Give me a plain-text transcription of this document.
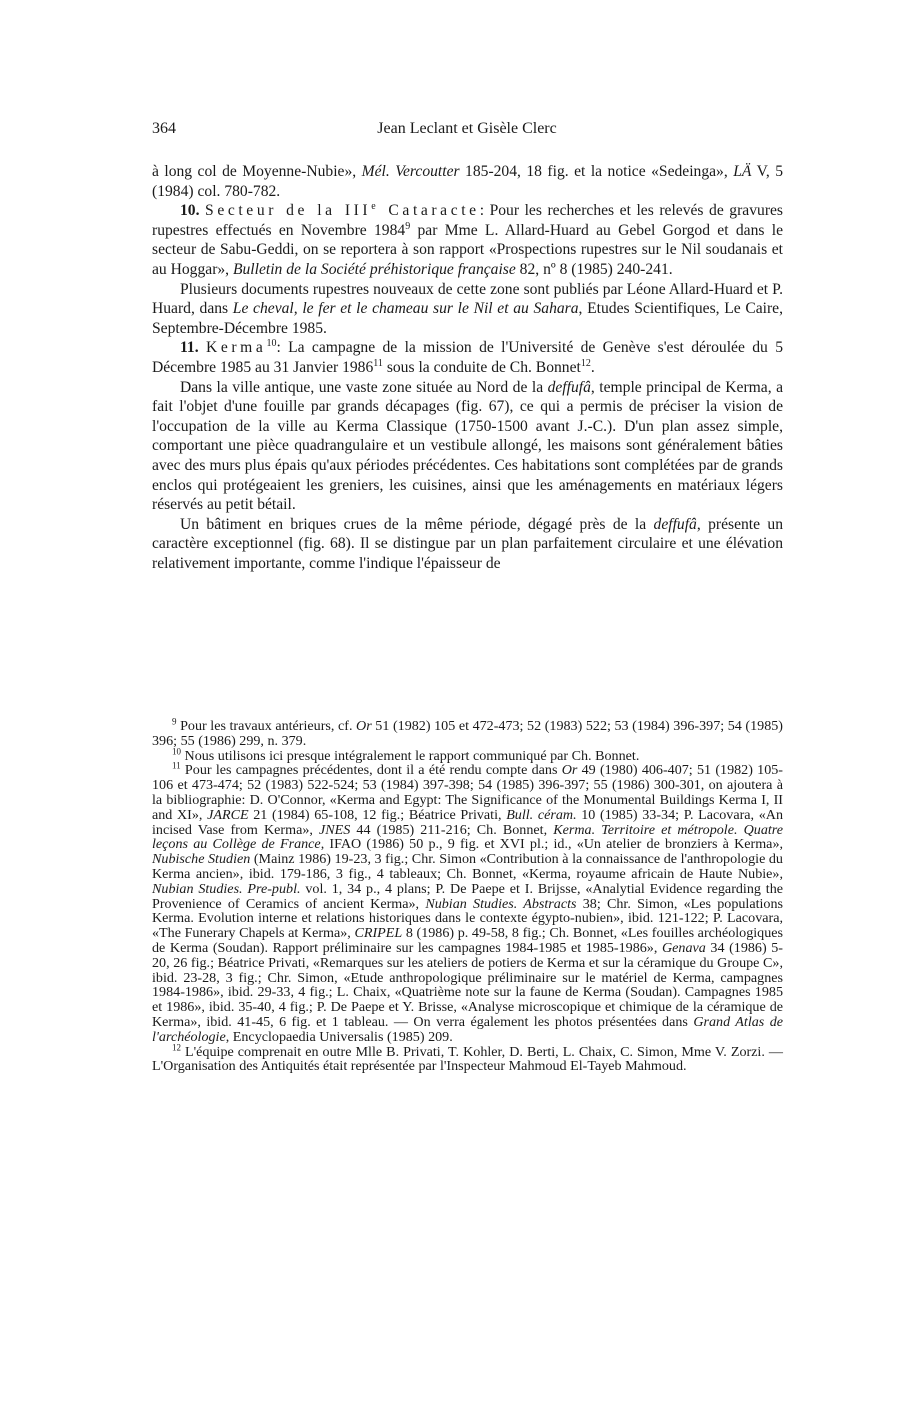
364	Jean Leclant et Gisèle Clerc

à long col de Moyenne-Nubie», Mél. Vercoutter 185-204, 18 fig. et la notice «Sedeinga», LÄ V, 5 (1984) col. 780-782.

10. Secteur de la IIIe Cataracte: Pour les recherches et les relevés de gravures rupestres effectués en Novembre 1984$^9$ par Mme L. Allard-Huard au Gebel Gorgod et dans le secteur de Sabu-Geddi, on se reportera à son rapport «Prospections rupestres sur le Nil soudanais et au Hoggar», Bulletin de la Société préhistorique française 82, nº 8 (1985) 240-241.

Plusieurs documents rupestres nouveaux de cette zone sont publiés par Léone Allard-Huard et P. Huard, dans Le cheval, le fer et le chameau sur le Nil et au Sahara, Etudes Scientifiques, Le Caire, Septembre-Décembre 1985.

11. Kerma$^{10}$: La campagne de la mission de l'Université de Genève s'est déroulée du 5 Décembre 1985 au 31 Janvier 1986$^{11}$ sous la conduite de Ch. Bonnet$^{12}$.

Dans la ville antique, une vaste zone située au Nord de la deffufâ, temple principal de Kerma, a fait l'objet d'une fouille par grands décapages (fig. 67), ce qui a permis de préciser la vision de l'occupation de la ville au Kerma Classique (1750-1500 avant J.-C.). D'un plan assez simple, comportant une pièce quadrangulaire et un vestibule allongé, les maisons sont généralement bâties avec des murs plus épais qu'aux périodes précédentes. Ces habitations sont complétées par de grands enclos qui protégeaient les greniers, les cuisines, ainsi que les aménagements en matériaux légers réservés au petit bétail.

Un bâtiment en briques crues de la même période, dégagé près de la deffufâ, présente un caractère exceptionnel (fig. 68). Il se distingue par un plan parfaitement circulaire et une élévation relativement importante, comme l'indique l'épaisseur de

$^9$ Pour les travaux antérieurs, cf. Or 51 (1982) 105 et 472-473; 52 (1983) 522; 53 (1984) 396-397; 54 (1985) 396; 55 (1986) 299, n. 379.

$^{10}$ Nous utilisons ici presque intégralement le rapport communiqué par Ch. Bonnet.

$^{11}$ Pour les campagnes précédentes, dont il a été rendu compte dans Or 49 (1980) 406-407; 51 (1982) 105-106 et 473-474; 52 (1983) 522-524; 53 (1984) 397-398; 54 (1985) 396-397; 55 (1986) 300-301, on ajoutera à la bibliographie: D. O'Connor, «Kerma and Egypt: The Significance of the Monumental Buildings Kerma I, II and XI», JARCE 21 (1984) 65-108, 12 fig.; Béatrice Privati, Bull. céram. 10 (1985) 33-34; P. Lacovara, «An incised Vase from Kerma», JNES 44 (1985) 211-216; Ch. Bonnet, Kerma. Territoire et métropole. Quatre leçons au Collège de France, IFAO (1986) 50 p., 9 fig. et XVI pl.; id., «Un atelier de bronziers à Kerma», Nubische Studien (Mainz 1986) 19-23, 3 fig.; Chr. Simon «Contribution à la connaissance de l'anthropologie du Kerma ancien», ibid. 179-186, 3 fig., 4 tableaux; Ch. Bonnet, «Kerma, royaume africain de Haute Nubie», Nubian Studies. Pre-publ. vol. 1, 34 p., 4 plans; P. De Paepe et I. Brijsse, «Analytial Evidence regarding the Provenience of Ceramics of ancient Kerma», Nubian Studies. Abstracts 38; Chr. Simon, «Les populations Kerma. Evolution interne et relations historiques dans le contexte égypto-nubien», ibid. 121-122; P. Lacovara, «The Funerary Chapels at Kerma», CRIPEL 8 (1986) p. 49-58, 8 fig.; Ch. Bonnet, «Les fouilles archéologiques de Kerma (Soudan). Rapport préliminaire sur les campagnes 1984-1985 et 1985-1986», Genava 34 (1986) 5-20, 26 fig.; Béatrice Privati, «Remarques sur les ateliers de potiers de Kerma et sur la céramique du Groupe C», ibid. 23-28, 3 fig.; Chr. Simon, «Etude anthropologique préliminaire sur le matériel de Kerma, campagnes 1984-1986», ibid. 29-33, 4 fig.; L. Chaix, «Quatrième note sur la faune de Kerma (Soudan). Campagnes 1985 et 1986», ibid. 35-40, 4 fig.; P. De Paepe et Y. Brisse, «Analyse microscopique et chimique de la céramique de Kerma», ibid. 41-45, 6 fig. et 1 tableau. — On verra également les photos présentées dans Grand Atlas de l'archéologie, Encyclopaedia Universalis (1985) 209.

$^{12}$ L'équipe comprenait en outre Mlle B. Privati, T. Kohler, D. Berti, L. Chaix, C. Simon, Mme V. Zorzi. — L'Organisation des Antiquités était représentée par l'Inspecteur Mahmoud El-Tayeb Mahmoud.
